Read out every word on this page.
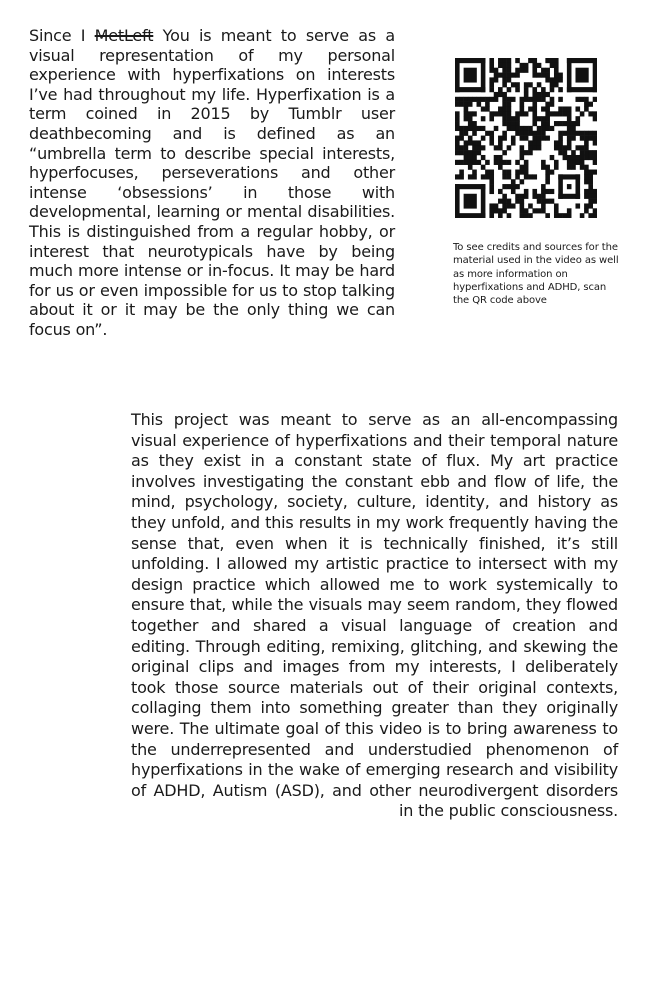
Since I MetLeft You is meant to serve as a visual representation of my personal experience with hyperfixations on interests I’ve had throughout my life. Hyperfixation is a term coined in 2015 by Tumblr user deathbecoming and is defined as an “umbrella term to describe special interests, hyperfocuses, perseverations and other intense ‘obsessions’ in those with developmental, learning or mental disabilities. This is distinguished from a regular hobby, or interest that neurotypicals have by being much more intense or in-focus. It may be hard for us or even impossible for us to stop talking about it or it may be the only thing we can focus on”.
To see credits and sources for the material used in the video as well as more information on hyperfixations and ADHD, scan the QR code above
This project was meant to serve as an all-encompassing visual experience of hyperfixations and their temporal nature as they exist in a constant state of flux. My art practice involves investigating the constant ebb and flow of life, the mind, psychology, society, culture, identity, and history as they unfold, and this results in my work frequently having the sense that, even when it is technically finished, it’s still unfolding. I allowed my artistic practice to intersect with my design practice which allowed me to work systemically to ensure that, while the visuals may seem random, they flowed together and shared a visual language of creation and editing. Through editing, remixing, glitching, and skewing the original clips and images from my interests, I deliberately took those source materials out of their original contexts, collaging them into something greater than they originally were. The ultimate goal of this video is to bring awareness to the underrepresented and understudied phenomenon of hyperfixations in the wake of emerging research and visibility of ADHD, Autism (ASD), and other neurodivergent disorders in the public consciousness.
